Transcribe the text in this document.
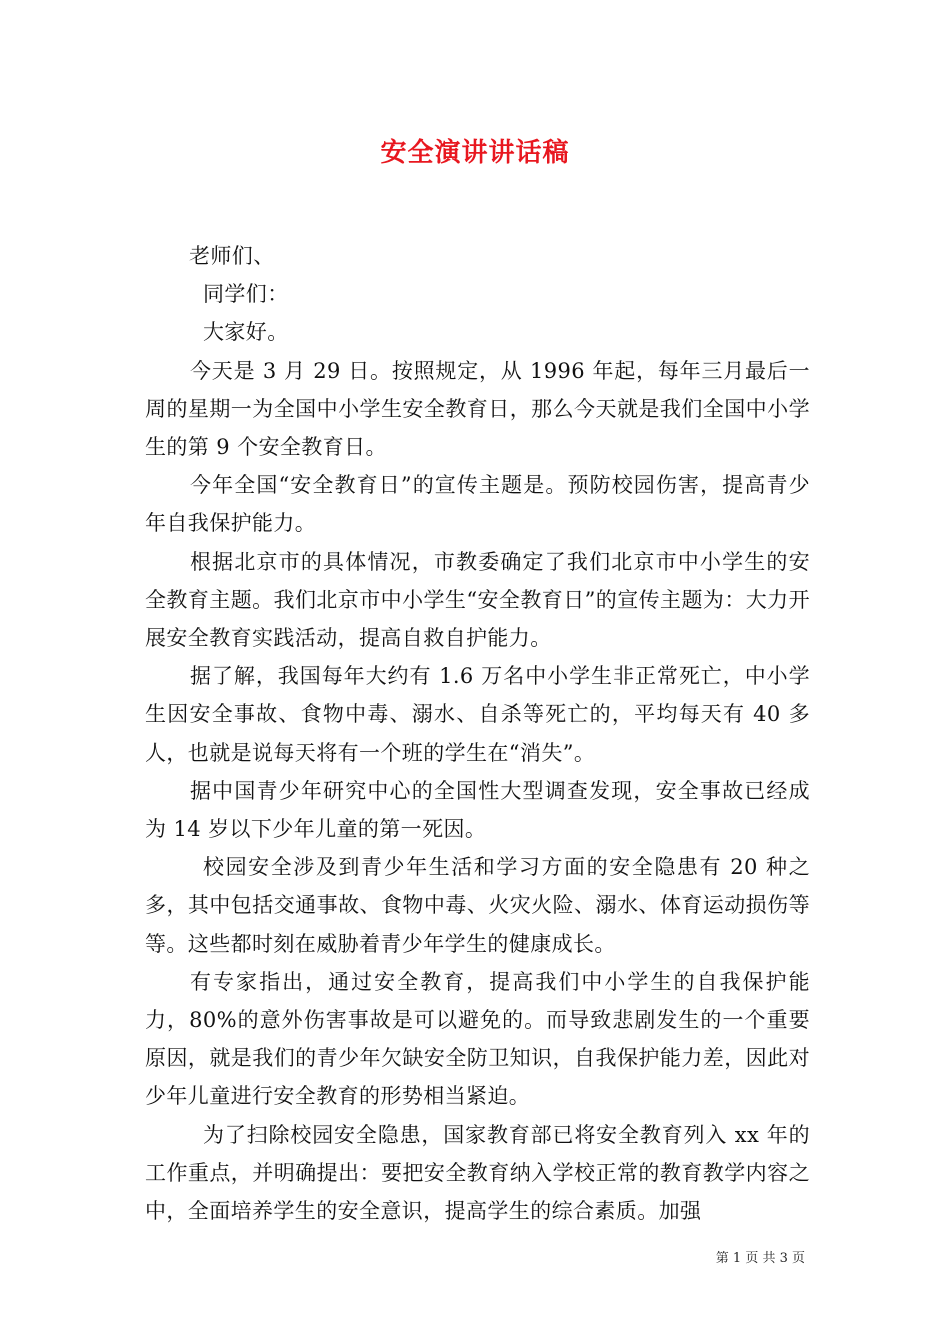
安全演讲讲话稿

老师们、

同学们：

大家好。

今天是 3 月 29 日。按照规定，从 1996 年起，每年三月最后一周的星期一为全国中小学生安全教育日，那么今天就是我们全国中小学生的第 9 个安全教育日。

今年全国“安全教育日”的宣传主题是。预防校园伤害，提高青少年自我保护能力。

根据北京市的具体情况，市教委确定了我们北京市中小学生的安全教育主题。我们北京市中小学生“安全教育日”的宣传主题为：大力开展安全教育实践活动，提高自救自护能力。

据了解，我国每年大约有 1.6 万名中小学生非正常死亡，中小学生因安全事故、食物中毒、溺水、自杀等死亡的，平均每天有 40 多人，也就是说每天将有一个班的学生在“消失”。

据中国青少年研究中心的全国性大型调查发现，安全事故已经成为 14 岁以下少年儿童的第一死因。

校园安全涉及到青少年生活和学习方面的安全隐患有 20 种之多，其中包括交通事故、食物中毒、火灾火险、溺水、体育运动损伤等等。这些都时刻在威胁着青少年学生的健康成长。

有专家指出，通过安全教育，提高我们中小学生的自我保护能力，80%的意外伤害事故是可以避免的。而导致悲剧发生的一个重要原因，就是我们的青少年欠缺安全防卫知识，自我保护能力差，因此对少年儿童进行安全教育的形势相当紧迫。

为了扫除校园安全隐患，国家教育部已将安全教育列入 xx 年的工作重点，并明确提出：要把安全教育纳入学校正常的教育教学内容之中，全面培养学生的安全意识，提高学生的综合素质。加强

第 1 页 共 3 页
